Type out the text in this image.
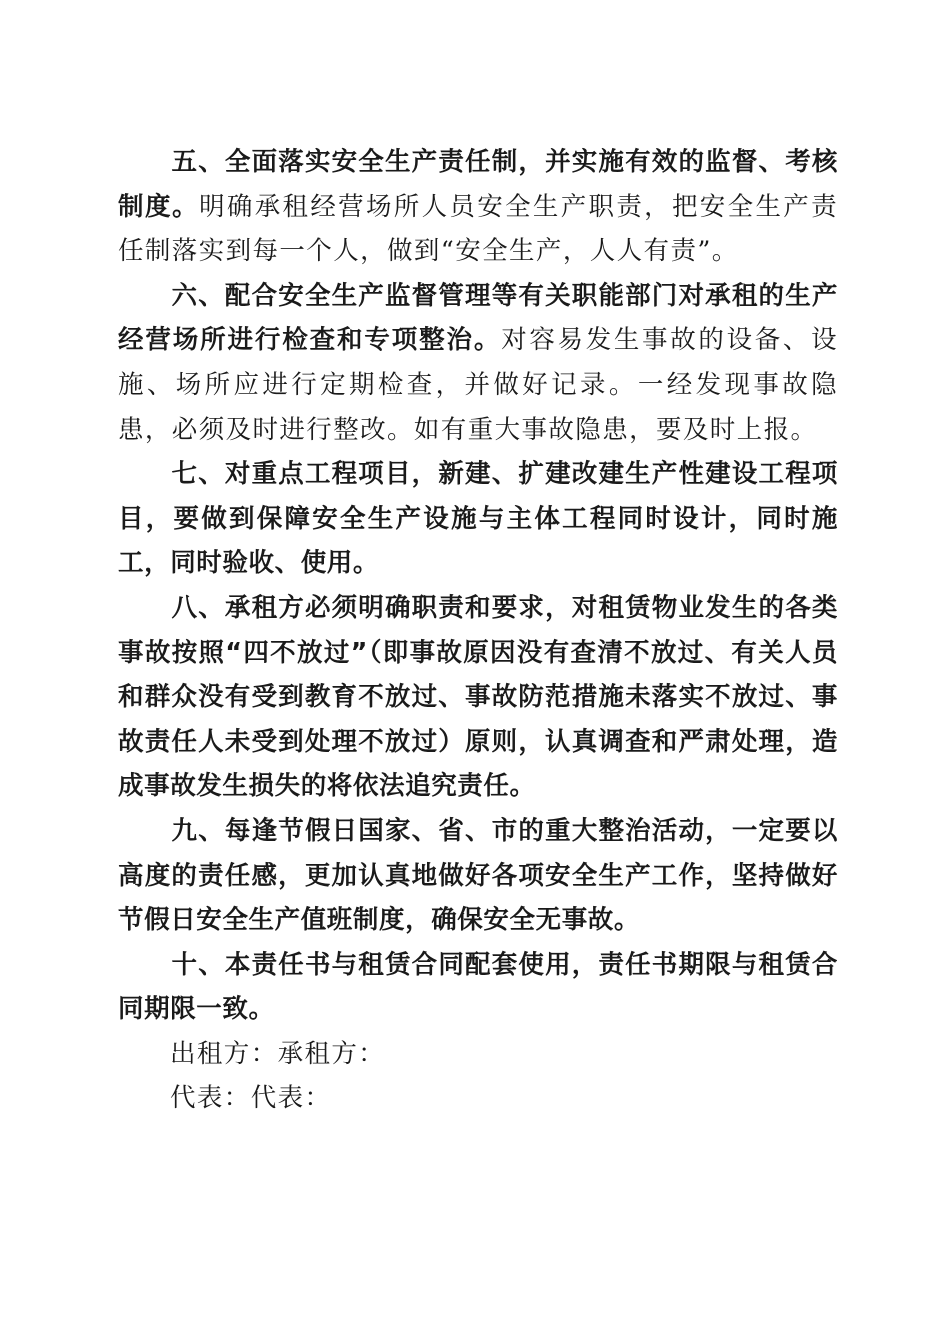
五、全面落实安全生产责任制，并实施有效的监督、考核制度。明确承租经营场所人员安全生产职责，把安全生产责任制落实到每一个人，做到“安全生产，人人有责”。

六、配合安全生产监督管理等有关职能部门对承租的生产经营场所进行检查和专项整治。对容易发生事故的设备、设施、场所应进行定期检查，并做好记录。一经发现事故隐患，必须及时进行整改。如有重大事故隐患，要及时上报。

七、对重点工程项目，新建、扩建改建生产性建设工程项目，要做到保障安全生产设施与主体工程同时设计，同时施工，同时验收、使用。

八、承租方必须明确职责和要求，对租赁物业发生的各类事故按照“四不放过”（即事故原因没有查清不放过、有关人员和群众没有受到教育不放过、事故防范措施未落实不放过、事故责任人未受到处理不放过）原则，认真调查和严肃处理，造成事故发生损失的将依法追究责任。

九、每逢节假日国家、省、市的重大整治活动，一定要以高度的责任感，更加认真地做好各项安全生产工作，坚持做好节假日安全生产值班制度，确保安全无事故。

十、本责任书与租赁合同配套使用，责任书期限与租赁合同期限一致。

出租方：承租方：

代表：代表：
